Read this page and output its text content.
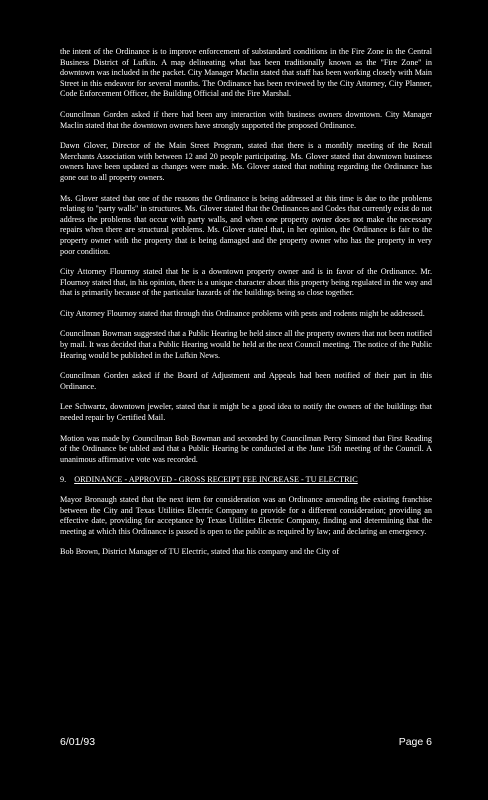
the intent of the Ordinance is to improve enforcement of substandard conditions in the Fire Zone in the Central Business District of Lufkin. A map delineating what has been traditionally known as the "Fire Zone" in downtown was included in the packet. City Manager Maclin stated that staff has been working closely with Main Street in this endeavor for several months. The Ordinance has been reviewed by the City Attorney, City Planner, Code Enforcement Officer, the Building Official and the Fire Marshal.

Councilman Gorden asked if there had been any interaction with business owners downtown. City Manager Maclin stated that the downtown owners have strongly supported the proposed Ordinance.

Dawn Glover, Director of the Main Street Program, stated that there is a monthly meeting of the Retail Merchants Association with between 12 and 20 people participating. Ms. Glover stated that downtown business owners have been updated as changes were made. Ms. Glover stated that nothing regarding the Ordinance has gone out to all property owners.

Ms. Glover stated that one of the reasons the Ordinance is being addressed at this time is due to the problems relating to "party walls" in structures. Ms. Glover stated that the Ordinances and Codes that currently exist do not address the problems that occur with party walls, and when one property owner does not make the necessary repairs when there are structural problems. Ms. Glover stated that, in her opinion, the Ordinance is fair to the property owner with the property that is being damaged and the property owner who has the property in very poor condition.

City Attorney Flournoy stated that he is a downtown property owner and is in favor of the Ordinance. Mr. Flournoy stated that, in his opinion, there is a unique character about this property being regulated in the way and that is primarily because of the particular hazards of the buildings being so close together.

City Attorney Flournoy stated that through this Ordinance problems with pests and rodents might be addressed.

Councilman Bowman suggested that a Public Hearing be held since all the property owners that not been notified by mail. It was decided that a Public Hearing would be held at the next Council meeting. The notice of the Public Hearing would be published in the Lufkin News.

Councilman Gorden asked if the Board of Adjustment and Appeals had been notified of their part in this Ordinance.

Lee Schwartz, downtown jeweler, stated that it might be a good idea to notify the owners of the buildings that needed repair by Certified Mail.

Motion was made by Councilman Bob Bowman and seconded by Councilman Percy Simond that First Reading of the Ordinance be tabled and that a Public Hearing be conducted at the June 15th meeting of the Council. A unanimous affirmative vote was recorded.

9. ORDINANCE - APPROVED - GROSS RECEIPT FEE INCREASE - TU ELECTRIC

Mayor Bronaugh stated that the next item for consideration was an Ordinance amending the existing franchise between the City and Texas Utilities Electric Company to provide for a different consideration; providing an effective date, providing for acceptance by Texas Utilities Electric Company, finding and determining that the meeting at which this Ordinance is passed is open to the public as required by law; and declaring an emergency.

Bob Brown, District Manager of TU Electric, stated that his company and the City of

6/01/93	Page 6
